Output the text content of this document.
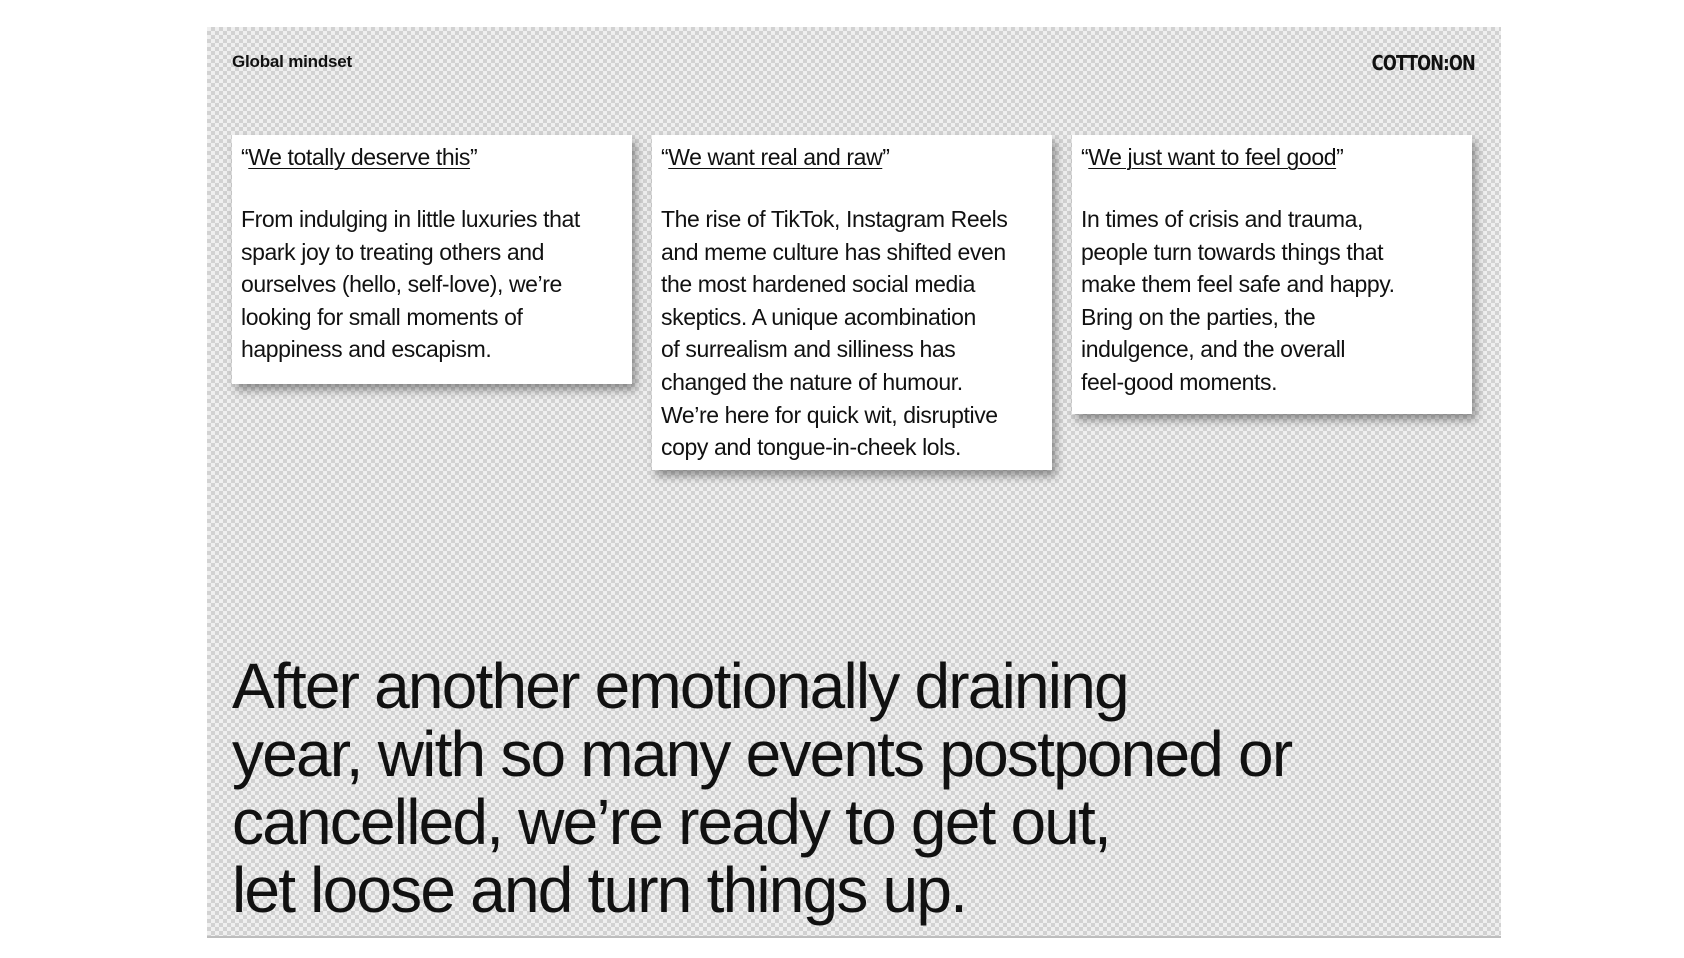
Global mindset	COTTON:ON
“We totally deserve this”

From indulging in little luxuries that
spark joy to treating others and
ourselves (hello, self-love), we’re
looking for small moments of
happiness and escapism.

“We want real and raw”

The rise of TikTok, Instagram Reels
and meme culture has shifted even
the most hardened social media
skeptics. A unique acombination
of surrealism and silliness has
changed the nature of humour.
We’re here for quick wit, disruptive
copy and tongue-in-cheek lols.

“We just want to feel good”

In times of crisis and trauma,
people turn towards things that
make them feel safe and happy.
Bring on the parties, the
indulgence, and the overall
feel-good moments.

After another emotionally draining
year, with so many events postponed or
cancelled, we’re ready to get out,
let loose and turn things up.
